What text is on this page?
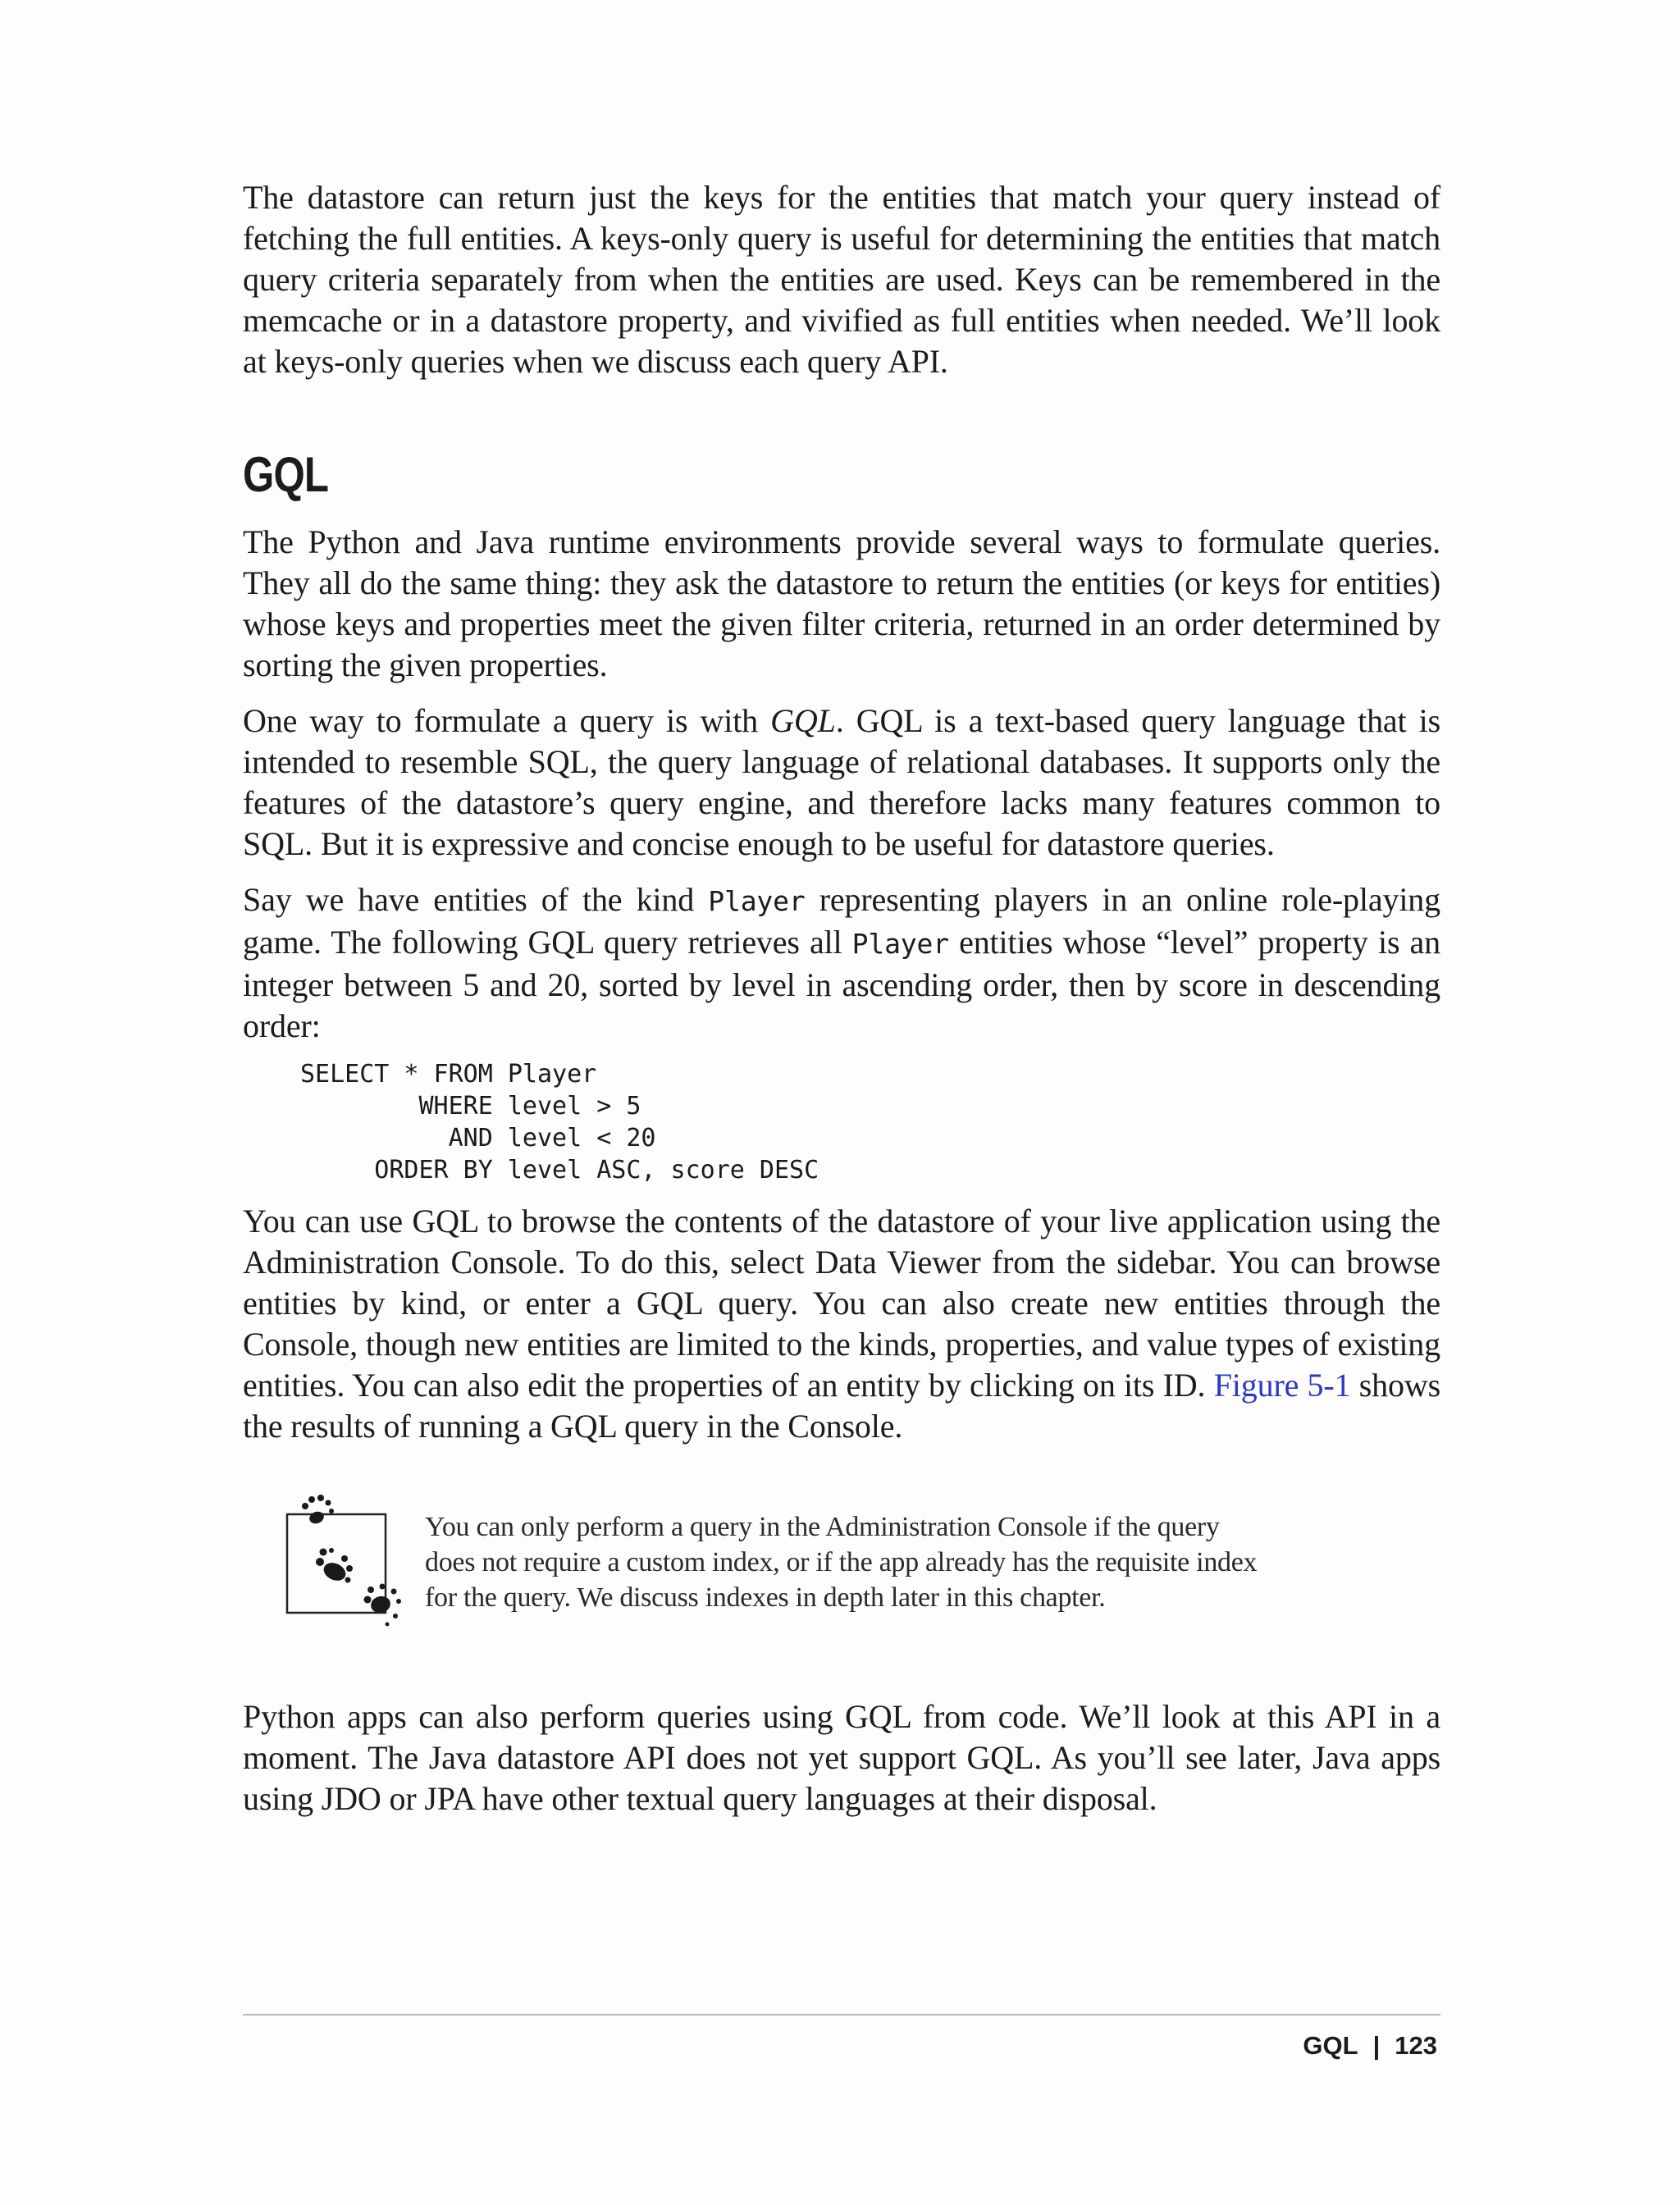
The datastore can return just the keys for the entities that match your query instead of fetching the full entities. A keys-only query is useful for determining the entities that match query criteria separately from when the entities are used. Keys can be remembered in the memcache or in a datastore property, and vivified as full entities when needed. We’ll look at keys-only queries when we discuss each query API.

GQL

The Python and Java runtime environments provide several ways to formulate queries. They all do the same thing: they ask the datastore to return the entities (or keys for entities) whose keys and properties meet the given filter criteria, returned in an order determined by sorting the given properties.

One way to formulate a query is with GQL. GQL is a text-based query language that is intended to resemble SQL, the query language of relational databases. It supports only the features of the datastore’s query engine, and therefore lacks many features common to SQL. But it is expressive and concise enough to be useful for datastore queries.

Say we have entities of the kind Player representing players in an online role-playing game. The following GQL query retrieves all Player entities whose “level” property is an integer between 5 and 20, sorted by level in ascending order, then by score in descending order:

SELECT * FROM Player
WHERE level > 5
AND level < 20
ORDER BY level ASC, score DESC

You can use GQL to browse the contents of the datastore of your live application using the Administration Console. To do this, select Data Viewer from the sidebar. You can browse entities by kind, or enter a GQL query. You can also create new entities through the Console, though new entities are limited to the kinds, properties, and value types of existing entities. You can also edit the properties of an entity by clicking on its ID. Figure 5-1 shows the results of running a GQL query in the Console.

You can only perform a query in the Administration Console if the query does not require a custom index, or if the app already has the requisite index for the query. We discuss indexes in depth later in this chapter.

Python apps can also perform queries using GQL from code. We’ll look at this API in a moment. The Java datastore API does not yet support GQL. As you’ll see later, Java apps using JDO or JPA have other textual query languages at their disposal.

GQL | 123
